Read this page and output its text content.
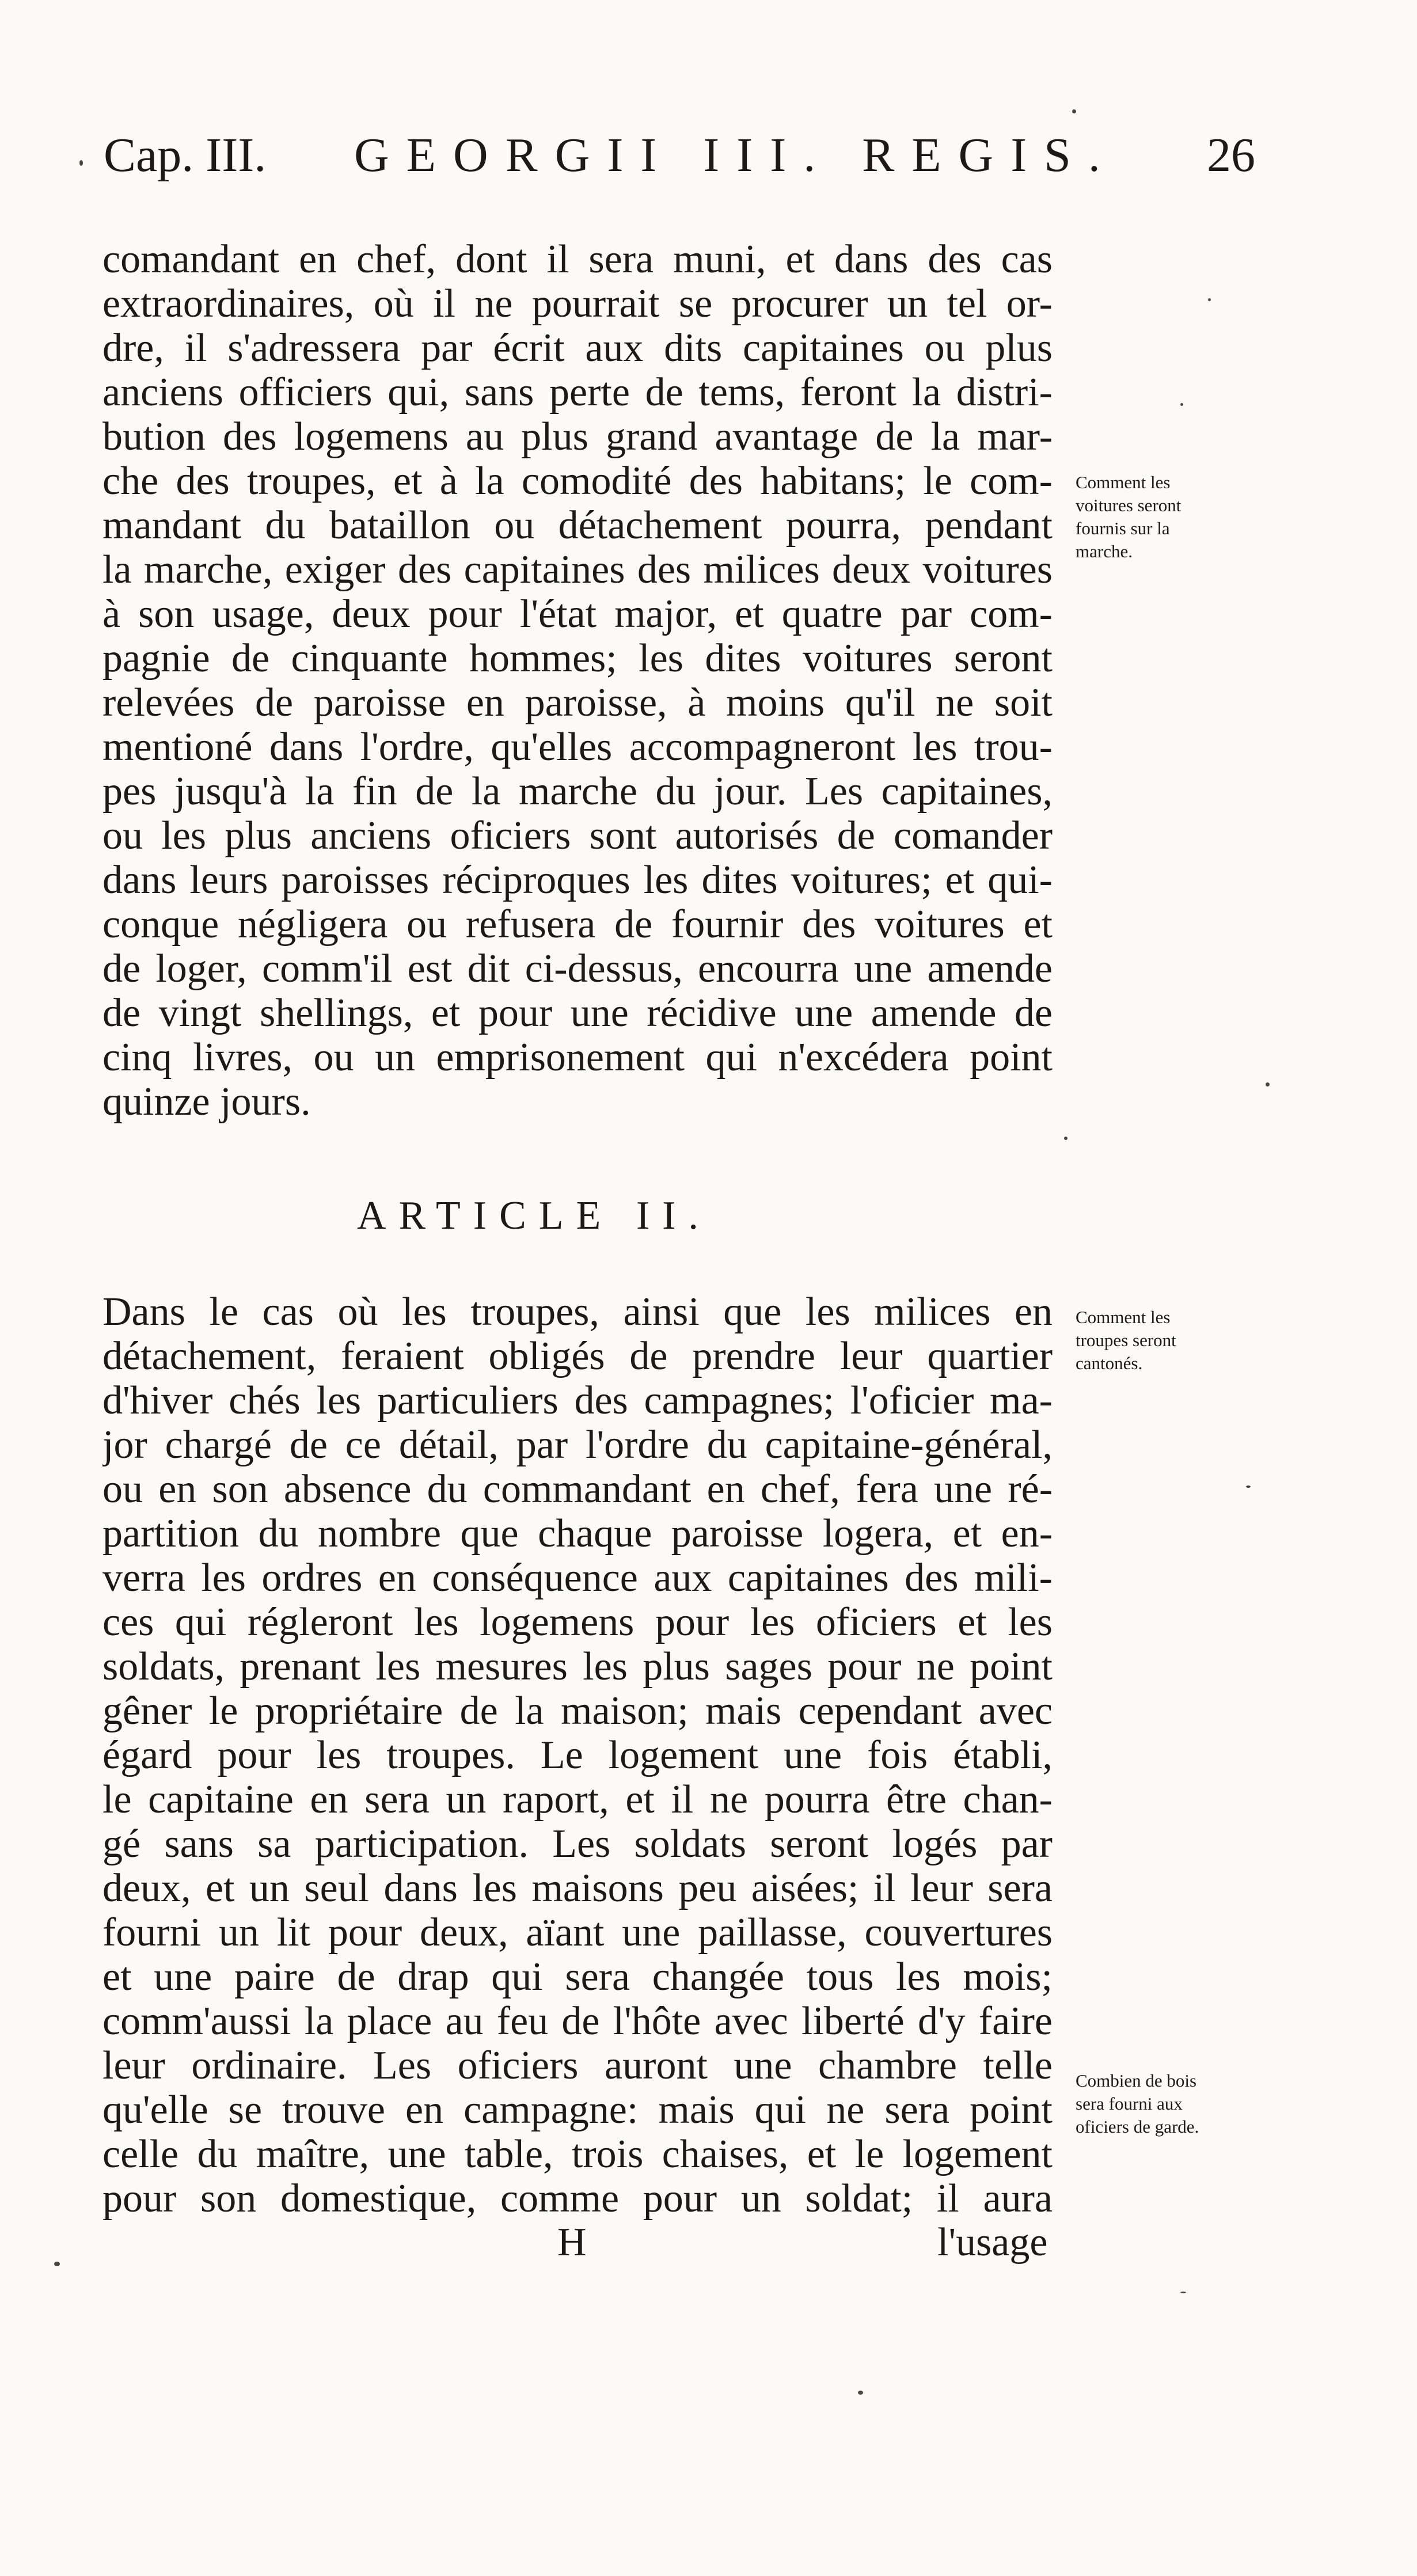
Cap. III. GEORGII III. REGIS. 26
comandant en chef, dont il sera muni, et dans des cas
extraordinaires, où il ne pourrait se procurer un tel or-
dre, il s'adressera par écrit aux dits capitaines ou plus
anciens officiers qui, sans perte de tems, feront la distri-
bution des logemens au plus grand avantage de la mar-
che des troupes, et à la comodité des habitans; le com-
mandant du bataillon ou détachement pourra, pendant
la marche, exiger des capitaines des milices deux voitures
à son usage, deux pour l'état major, et quatre par com-
pagnie de cinquante hommes; les dites voitures seront
relevées de paroisse en paroisse, à moins qu'il ne soit
mentioné dans l'ordre, qu'elles accompagneront les trou-
pes jusqu'à la fin de la marche du jour. Les capitaines,
ou les plus anciens oficiers sont autorisés de comander
dans leurs paroisses réciproques les dites voitures; et qui-
conque négligera ou refusera de fournir des voitures et
de loger, comm'il est dit ci-dessus, encourra une amende
de vingt shellings, et pour une récidive une amende de
cinq livres, ou un emprisonement qui n'excédera point
quinze jours.
ARTICLE II.
Dans le cas où les troupes, ainsi que les milices en
détachement, feraient obligés de prendre leur quartier
d'hiver chés les particuliers des campagnes; l'oficier ma-
jor chargé de ce détail, par l'ordre du capitaine-général,
ou en son absence du commandant en chef, fera une ré-
partition du nombre que chaque paroisse logera, et en-
verra les ordres en conséquence aux capitaines des mili-
ces qui régleront les logemens pour les oficiers et les
soldats, prenant les mesures les plus sages pour ne point
gêner le propriétaire de la maison; mais cependant avec
égard pour les troupes. Le logement une fois établi,
le capitaine en sera un raport, et il ne pourra être chan-
gé sans sa participation. Les soldats seront logés par
deux, et un seul dans les maisons peu aisées; il leur sera
fourni un lit pour deux, aïant une paillasse, couvertures
et une paire de drap qui sera changée tous les mois;
comm'aussi la place au feu de l'hôte avec liberté d'y faire
leur ordinaire. Les oficiers auront une chambre telle
qu'elle se trouve en campagne: mais qui ne sera point
celle du maître, une table, trois chaises, et le logement
pour son domestique, comme pour un soldat; il aura
Comment les
voitures seront
fournis sur la
marche.
Comment les
troupes seront
cantonés.
Combien de bois
sera fourni aux
oficiers de garde.
H	l'usage
